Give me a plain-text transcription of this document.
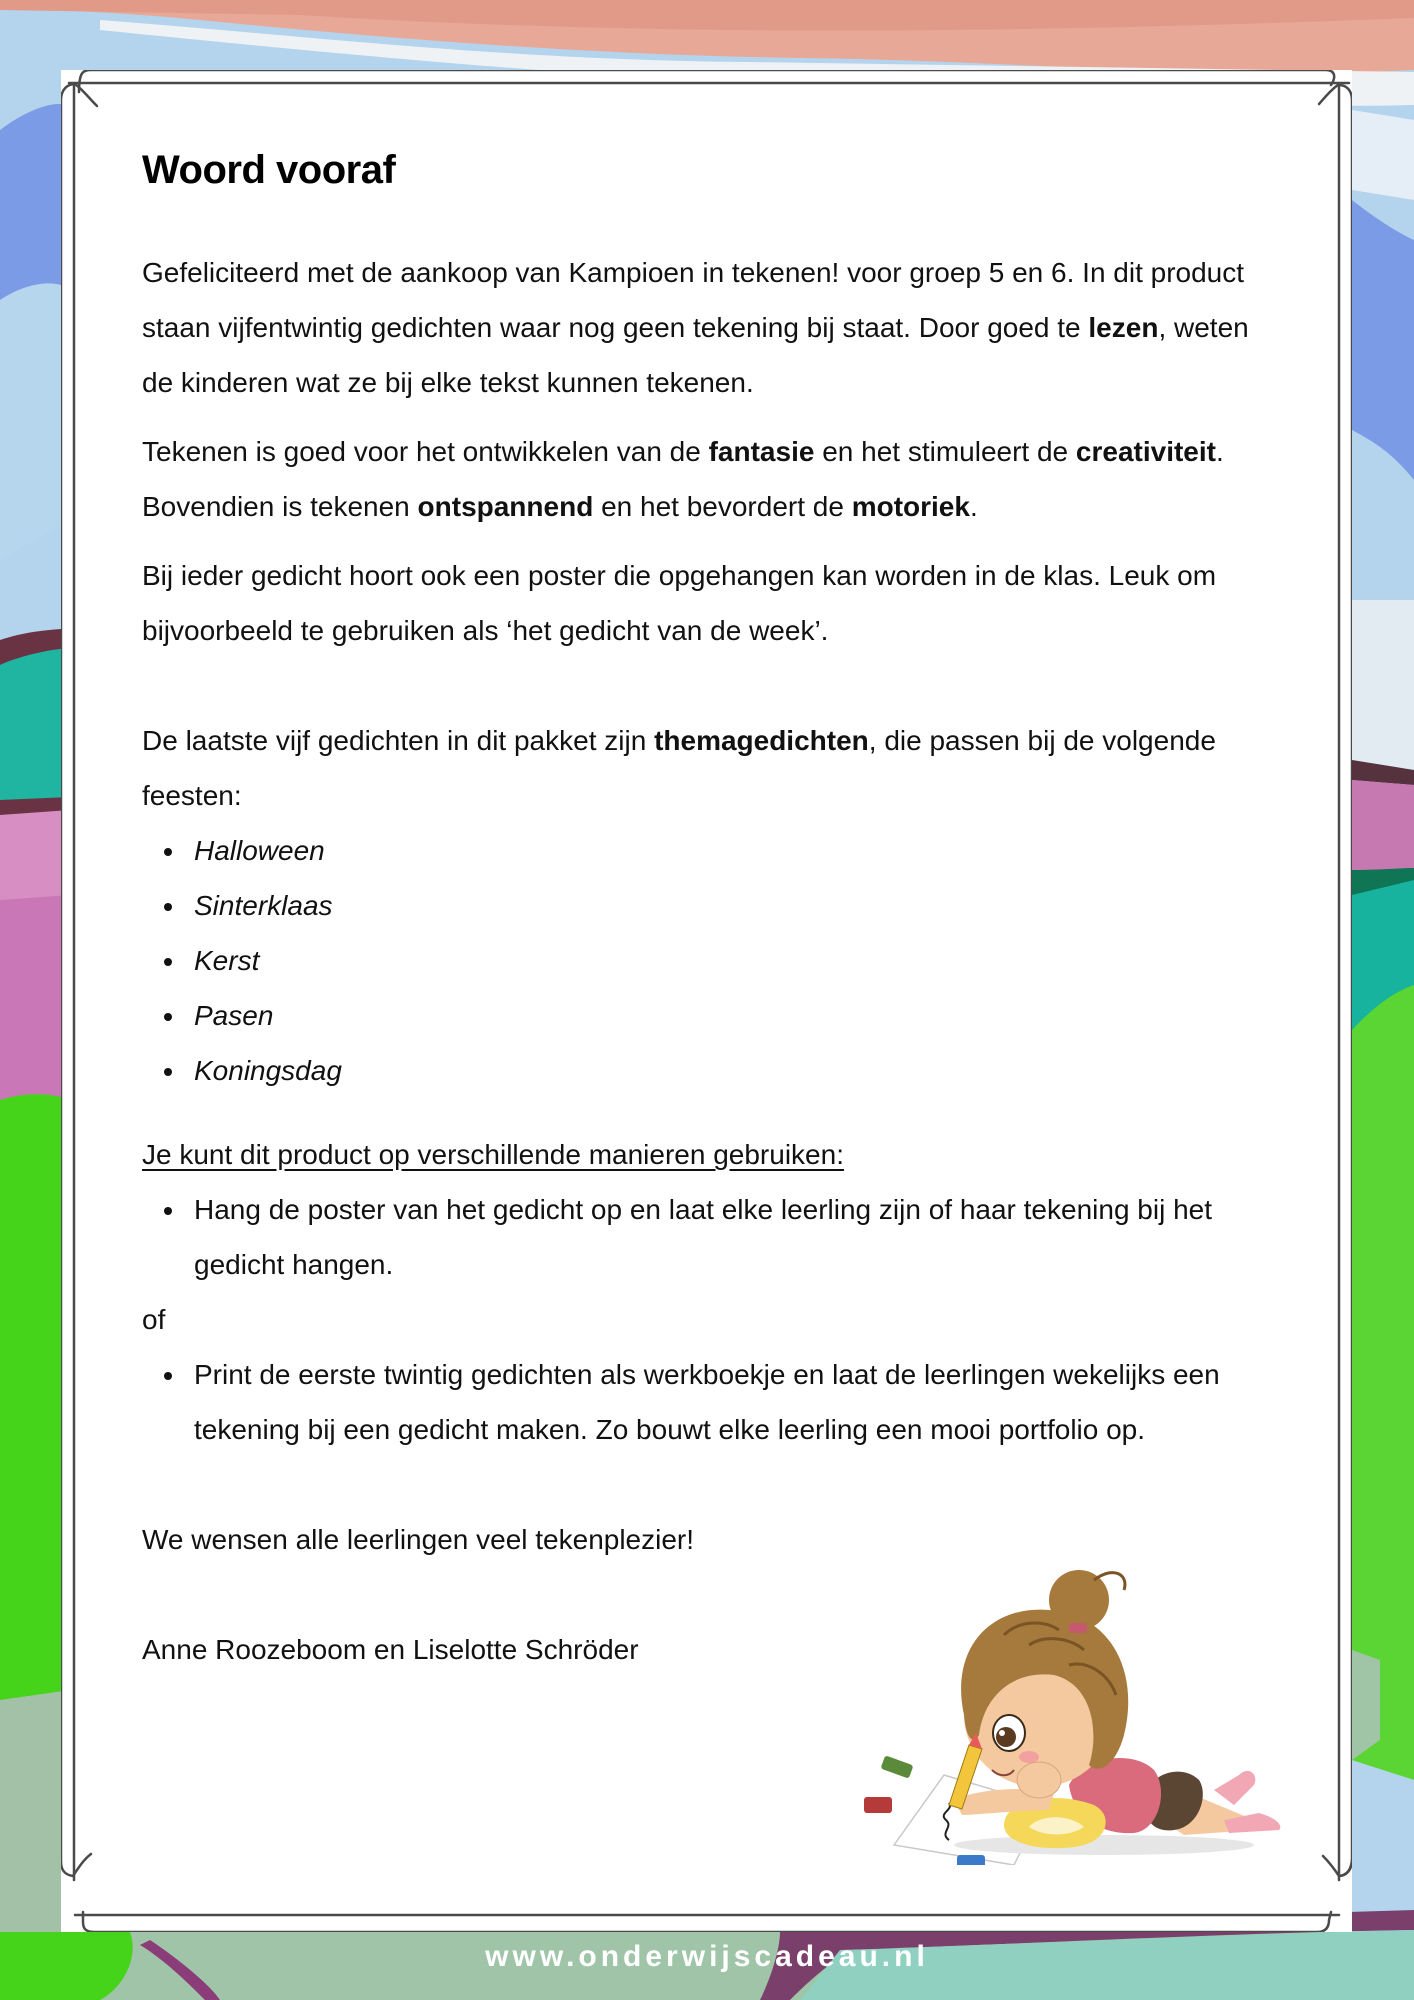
Woord vooraf

Gefeliciteerd met de aankoop van Kampioen in tekenen! voor groep 5 en 6. In dit product staan vijfentwintig gedichten waar nog geen tekening bij staat. Door goed te lezen, weten de kinderen wat ze bij elke tekst kunnen tekenen.

Tekenen is goed voor het ontwikkelen van de fantasie en het stimuleert de creativiteit. Bovendien is tekenen ontspannend en het bevordert de motoriek.

Bij ieder gedicht hoort ook een poster die opgehangen kan worden in de klas. Leuk om bijvoorbeeld te gebruiken als ‘het gedicht van de week’.

De laatste vijf gedichten in dit pakket zijn themagedichten, die passen bij de volgende feesten:

Halloween
Sinterklaas
Kerst
Pasen
Koningsdag

Je kunt dit product op verschillende manieren gebruiken:

Hang de poster van het gedicht op en laat elke leerling zijn of haar tekening bij het gedicht hangen.

of

Print de eerste twintig gedichten als werkboekje en laat de leerlingen wekelijks een tekening bij een gedicht maken. Zo bouwt elke leerling een mooi portfolio op.

We wensen alle leerlingen veel tekenplezier!

Anne Roozeboom en Liselotte Schröder

www.onderwijscadeau.nl
